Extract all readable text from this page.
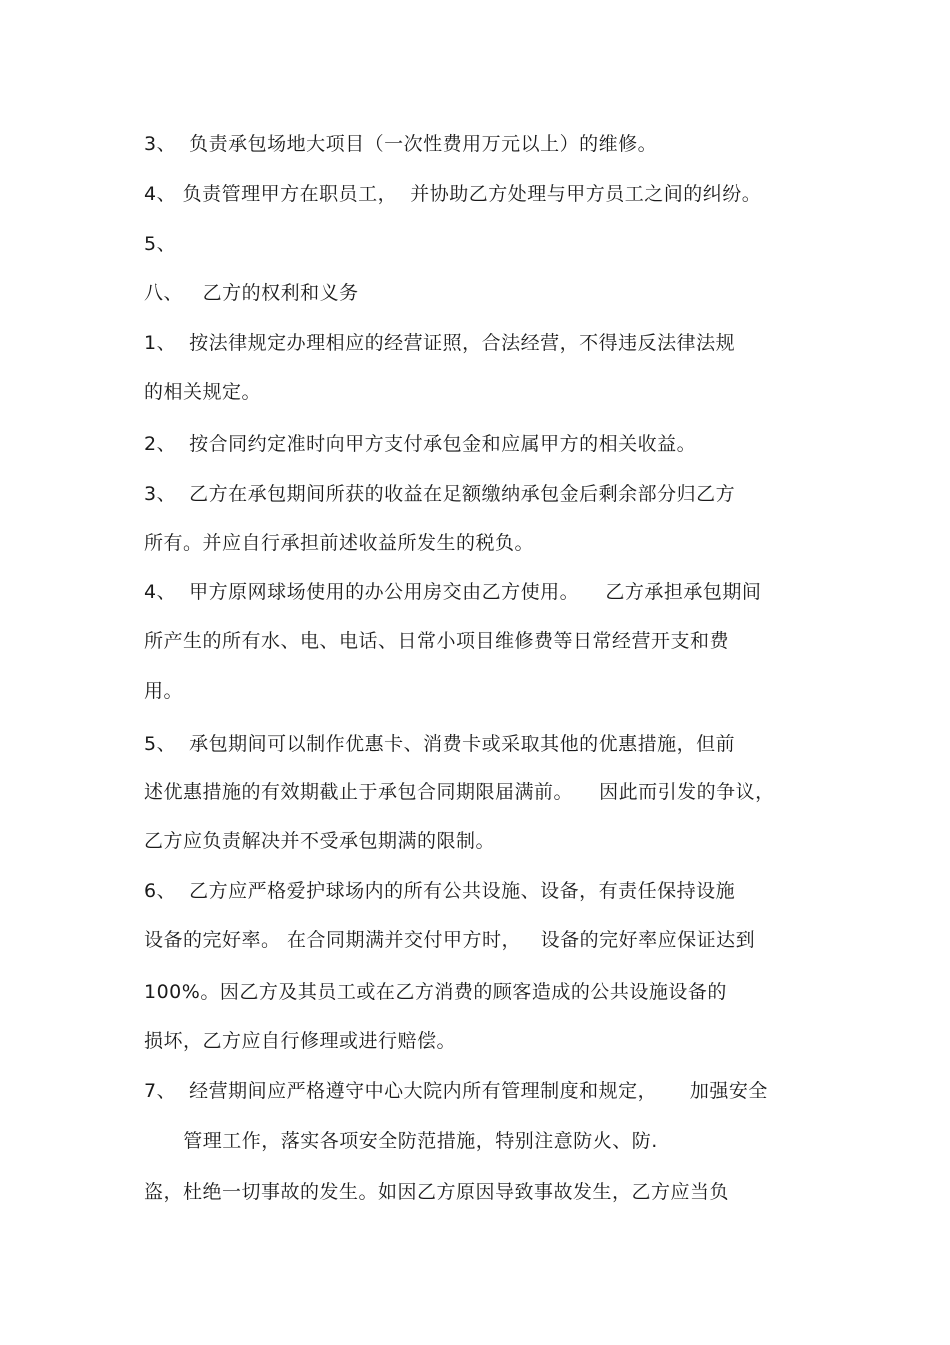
3、  负责承包场地大项目（一次性费用万元以上）的维修。
4、 负责管理甲方在职员工，  并协助乙方处理与甲方员工之间的纠纷。
5、
八、   乙方的权利和义务
1、  按法律规定办理相应的经营证照，合法经营，不得违反法律法规
的相关规定。
2、  按合同约定准时向甲方支付承包金和应属甲方的相关收益。
3、  乙方在承包期间所获的收益在足额缴纳承包金后剩余部分归乙方
所有。并应自行承担前述收益所发生的税负。
4、  甲方原网球场使用的办公用房交由乙方使用。    乙方承担承包期间
所产生的所有水、电、电话、日常小项目维修费等日常经营开支和费
用。
5、  承包期间可以制作优惠卡、消费卡或采取其他的优惠措施，但前
述优惠措施的有效期截止于承包合同期限届满前。    因此而引发的争议，
乙方应负责解决并不受承包期满的限制。
6、  乙方应严格爱护球场内的所有公共设施、设备，有责任保持设施
设备的完好率。 在合同期满并交付甲方时，   设备的完好率应保证达到
100%。因乙方及其员工或在乙方消费的顾客造成的公共设施设备的
损坏，乙方应自行修理或进行赔偿。
7、  经营期间应严格遵守中心大院内所有管理制度和规定，     加强安全
管理工作，落实各项安全防范措施，特别注意防火、防.
盗，杜绝一切事故的发生。如因乙方原因导致事故发生，乙方应当负
